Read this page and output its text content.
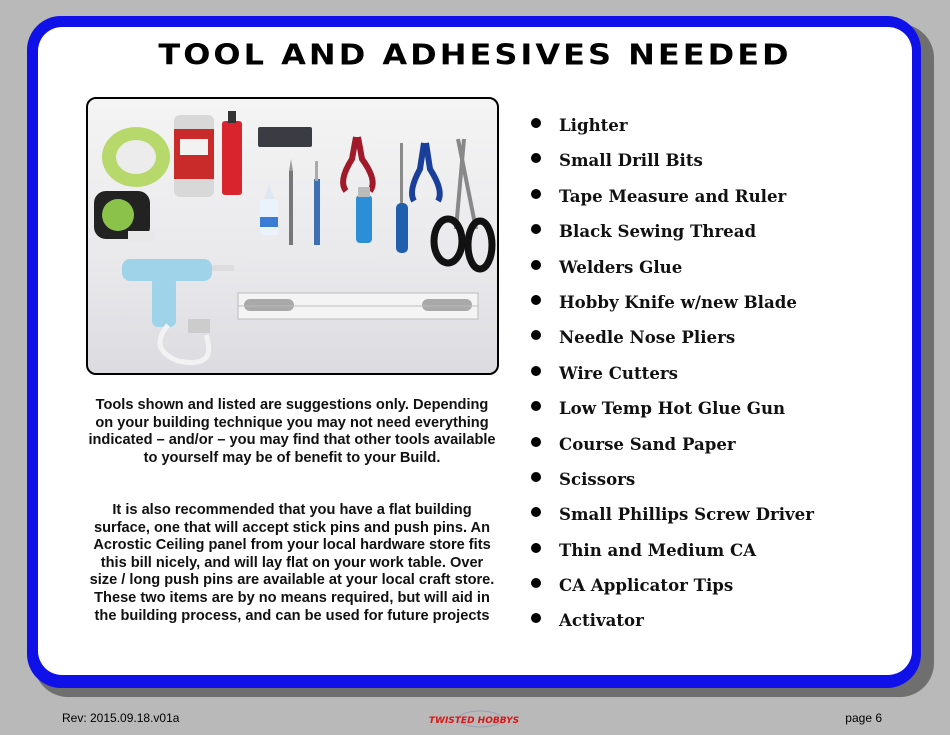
TOOL AND ADHESIVES NEEDED

Tools shown and listed are suggestions only. Depending on your building technique you may not need everything indicated – and/or – you may find that other tools available to yourself may be of benefit to your Build.

It is also recommended that you have a flat building surface, one that will accept stick pins and push pins. An Acrostic Ceiling panel from your local hardware store fits this bill nicely, and will lay flat on your work table. Over size / long push pins are available at your local craft store. These two items are by no means required, but will aid in the building process, and can be used for future projects

Lighter
Small Drill Bits
Tape Measure and Ruler
Black Sewing Thread
Welders Glue
Hobby Knife w/new Blade
Needle Nose Pliers
Wire Cutters
Low Temp Hot Glue Gun
Course Sand Paper
Scissors
Small Phillips Screw Driver
Thin and Medium CA
CA Applicator Tips
Activator
Rev: 2015.09.18.v01a	TWISTED HOBBYS	page 6
